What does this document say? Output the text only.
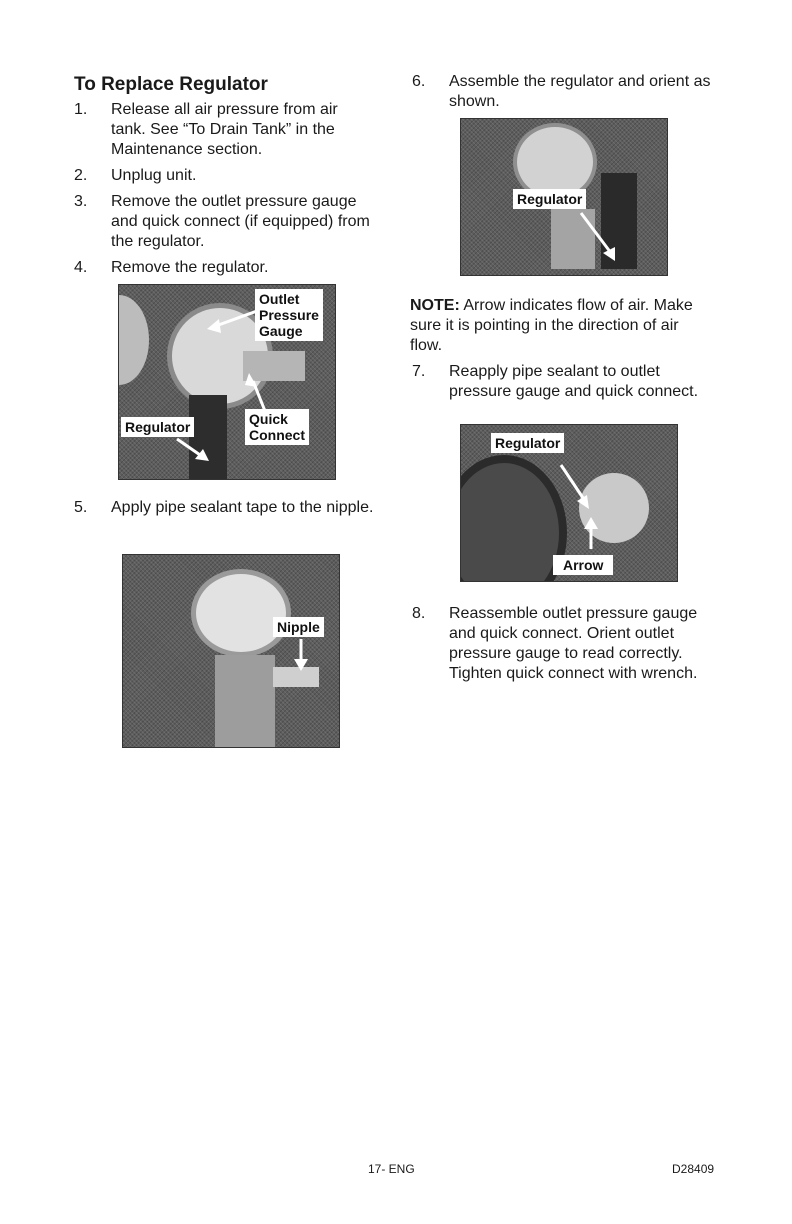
To Replace Regulator
1. Release all air pressure from air tank. See “To Drain Tank” in the Maintenance section.
2. Unplug unit.
3. Remove the outlet pressure gauge and quick connect (if equipped) from the regulator.
4. Remove the regulator.
Outlet
Pressure
Gauge
Quick
Connect
Regulator
5. Apply pipe sealant tape to the nipple.
Nipple
6. Assemble the regulator and orient as shown.
Regulator

NOTE: Arrow indicates flow of air. Make sure it is pointing in the direction of air flow.

7. Reapply pipe sealant to outlet pressure gauge and quick connect.
Regulator
Arrow
8. Reassemble outlet pressure gauge and quick connect. Orient outlet pressure gauge to read correctly. Tighten quick connect with wrench.
17- ENG	D28409
